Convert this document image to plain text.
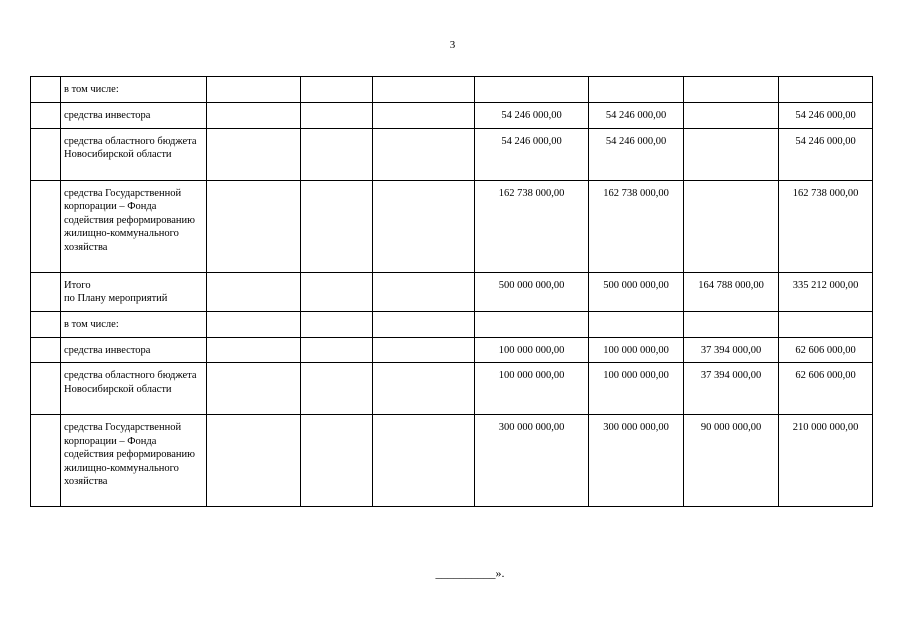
3
	в том числе:							
	средства инвестора				54 246 000,00	54 246 000,00		54 246 000,00
	средства областного бюджета Новосибирской области				54 246 000,00	54 246 000,00		54 246 000,00
	средства Государственной корпорации – Фонда содействия реформированию жилищно-коммунального хозяйства				162 738 000,00	162 738 000,00		162 738 000,00
	Итого
по Плану мероприятий				500 000 000,00	500 000 000,00	164 788 000,00	335 212 000,00
	в том числе:							
	средства инвестора				100 000 000,00	100 000 000,00	37 394 000,00	62 606 000,00
	средства областного бюджета Новосибирской области				100 000 000,00	100 000 000,00	37 394 000,00	62 606 000,00
	средства Государственной корпорации – Фонда содействия реформированию жилищно-коммунального хозяйства				300 000 000,00	300 000 000,00	90 000 000,00	210 000 000,00
__________».
